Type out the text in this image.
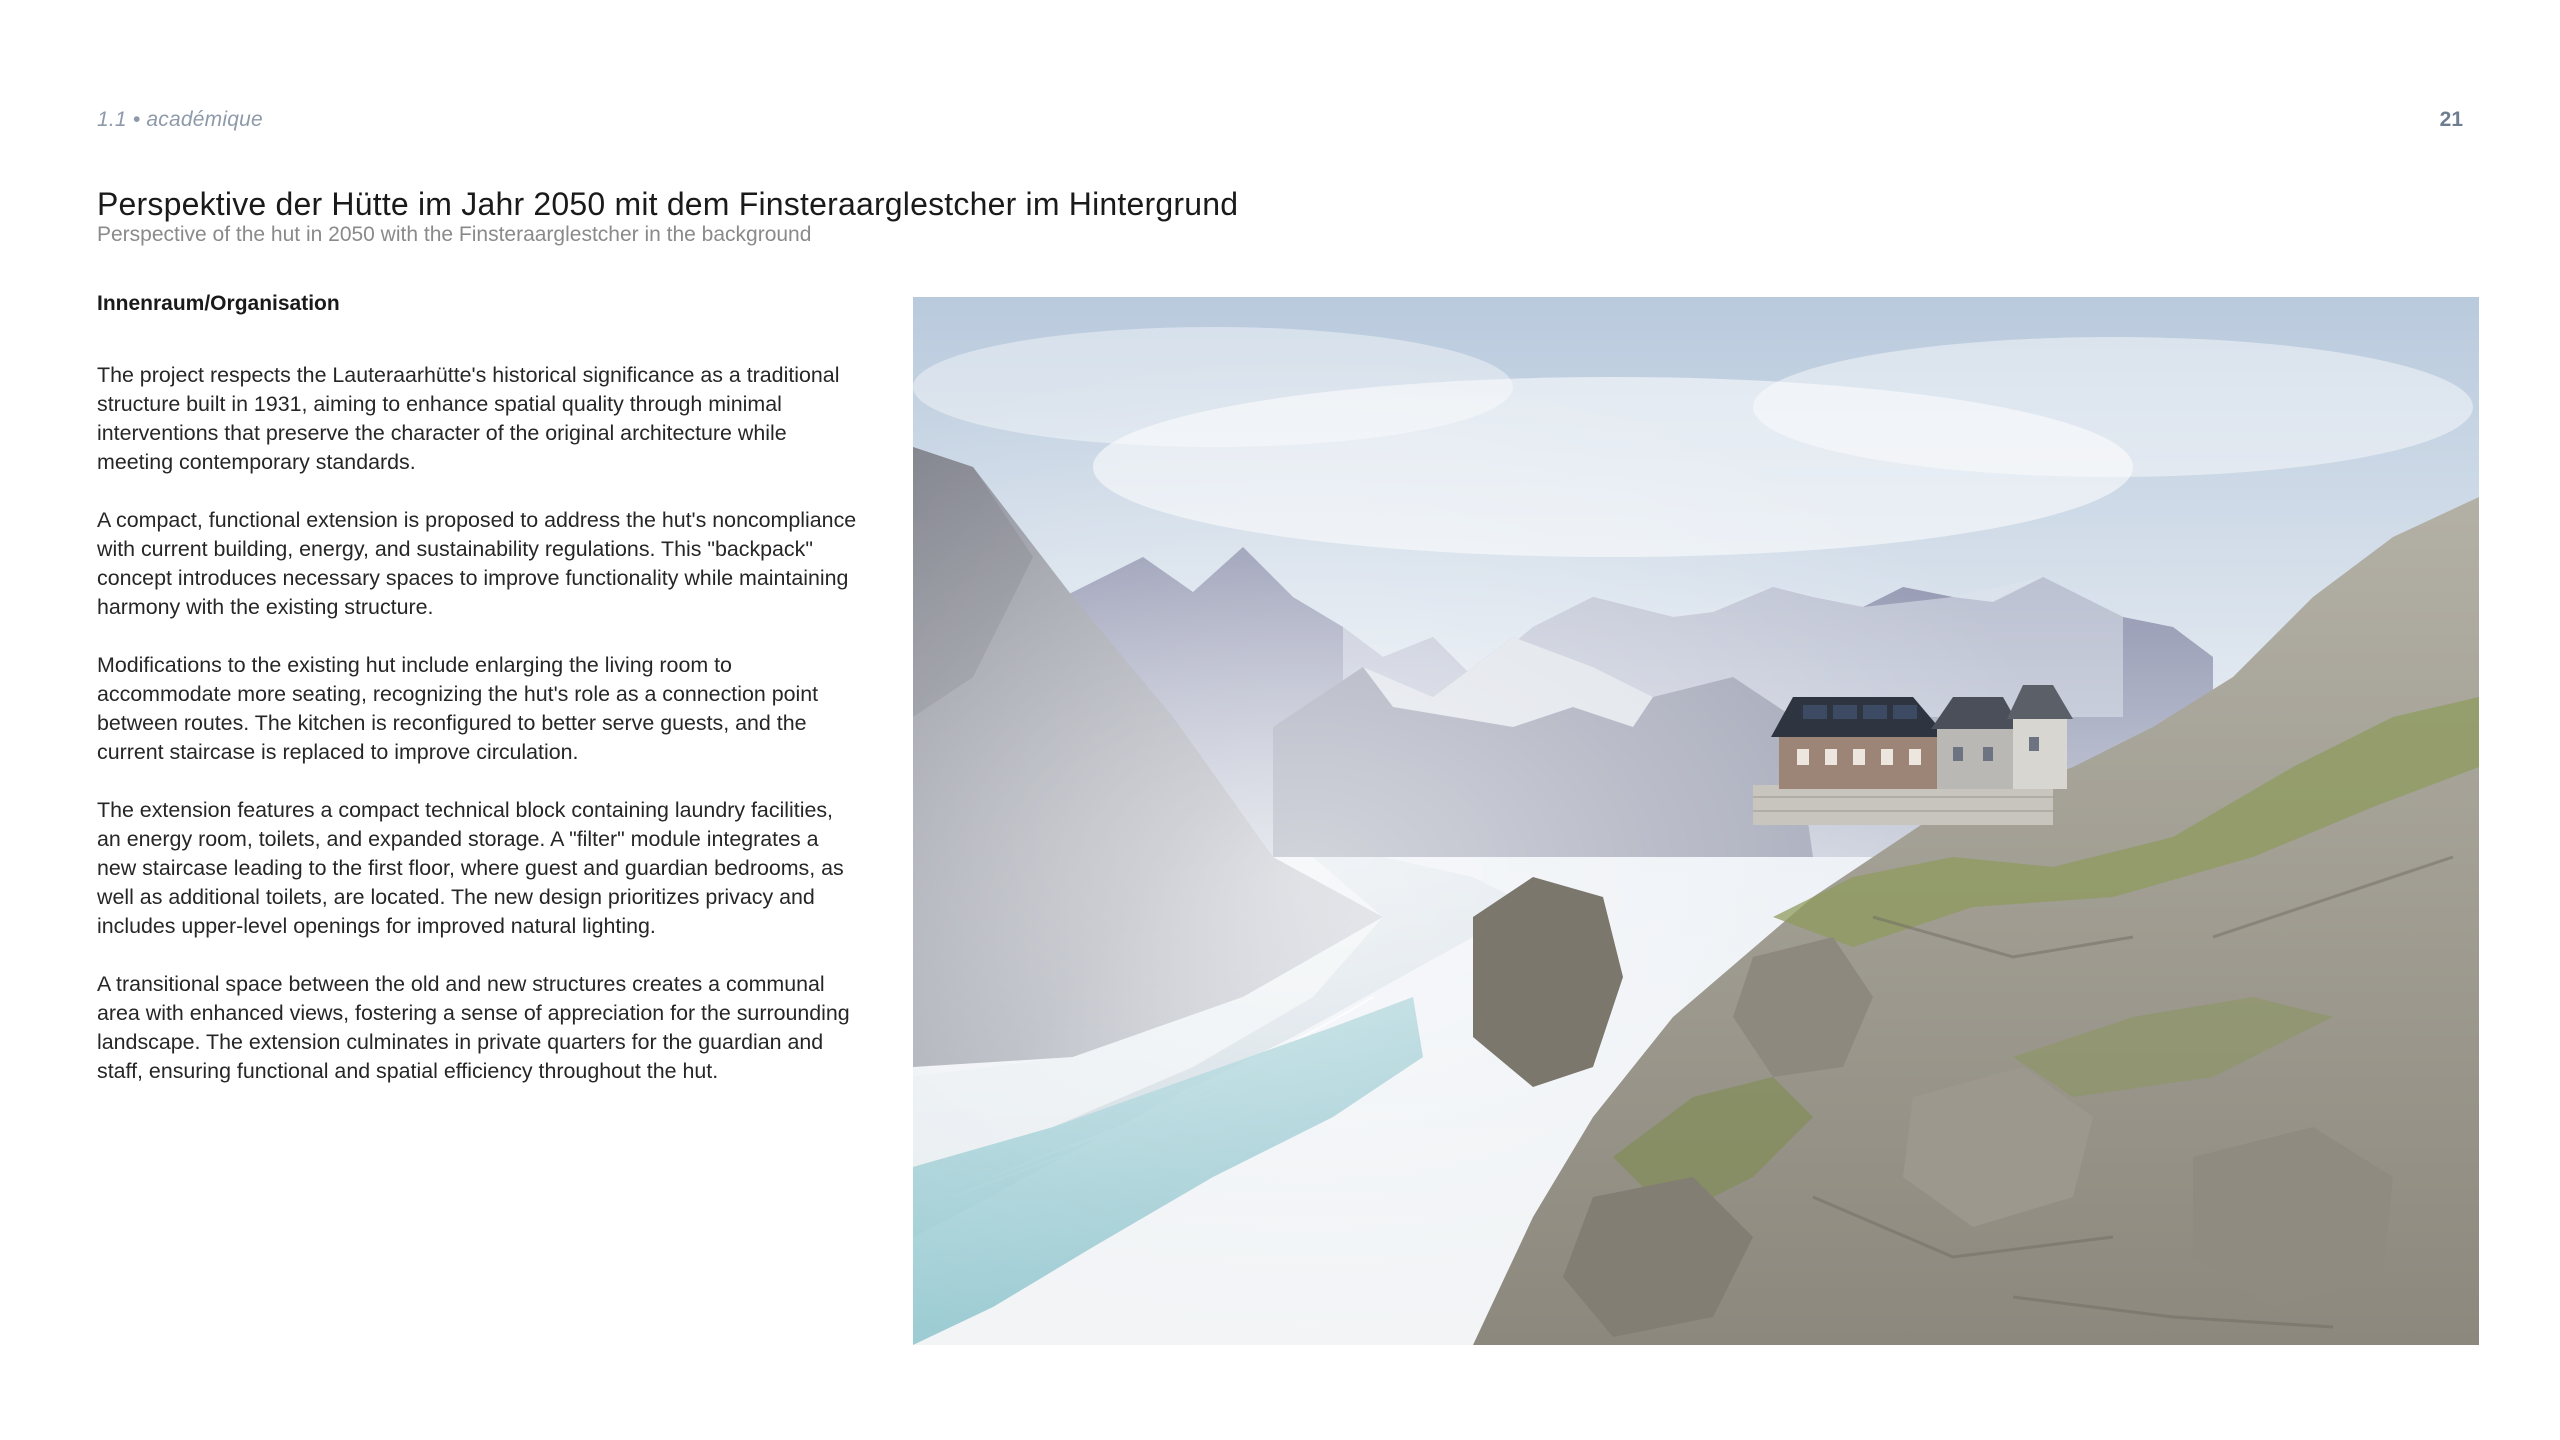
1.1 • académique	21
Perspektive der Hütte im Jahr 2050 mit dem Finsteraarglestcher im Hintergrund

Perspective of the hut in 2050 with the Finsteraarglestcher in the background

Innenraum/Organisation

The project respects the Lauteraarhütte's historical significance as a traditional structure built in 1931, aiming to enhance spatial quality through minimal interventions that preserve the character of the original architecture while meeting contemporary standards.

A compact, functional extension is proposed to address the hut's noncompliance with current building, energy, and sustainability regulations. This "backpack" concept introduces necessary spaces to improve functionality while maintaining harmony with the existing structure.

Modifications to the existing hut include enlarging the living room to accommodate more seating, recognizing the hut's role as a connection point between routes. The kitchen is reconfigured to better serve guests, and the current staircase is replaced to improve circulation.

The extension features a compact technical block containing laundry facilities, an energy room, toilets, and expanded storage. A "filter" module integrates a new staircase leading to the first floor, where guest and guardian bedrooms, as well as additional toilets, are located. The new design prioritizes privacy and includes upper-level openings for improved natural lighting.

A transitional space between the old and new structures creates a communal area with enhanced views, fostering a sense of appreciation for the surrounding landscape. The extension culminates in private quarters for the guardian and staff, ensuring functional and spatial efficiency throughout the hut.
